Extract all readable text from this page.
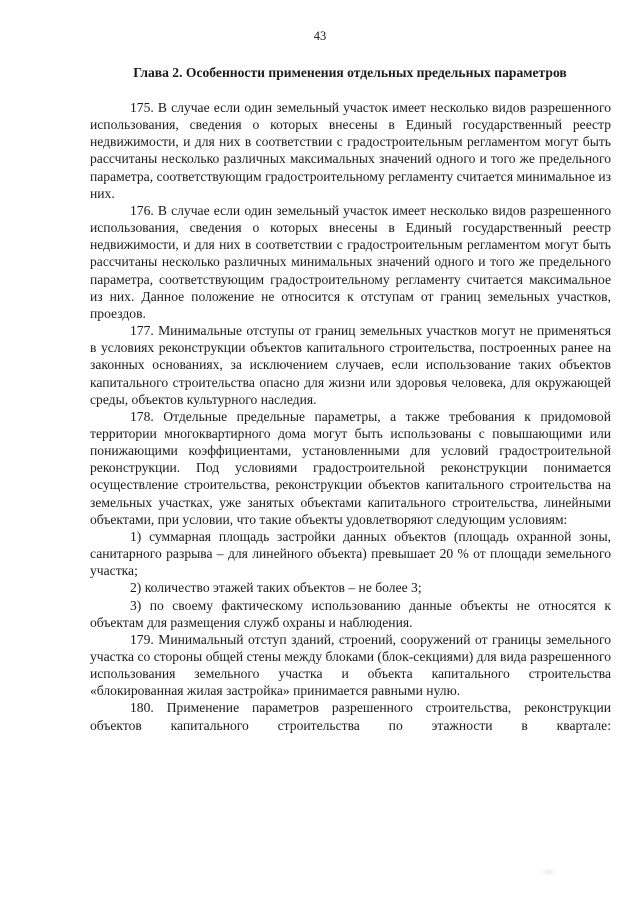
43
Глава 2. Особенности применения отдельных предельных параметров

175. В случае если один земельный участок имеет несколько видов разрешенного использования, сведения о которых внесены в Единый государственный реестр недвижимости, и для них в соответствии с градостроительным регламентом могут быть рассчитаны несколько различных максимальных значений одного и того же предельного параметра, соответствующим градостроительному регламенту считается минимальное из них.

176. В случае если один земельный участок имеет несколько видов разрешенного использования, сведения о которых внесены в Единый государственный реестр недвижимости, и для них в соответствии с градостроительным регламентом могут быть рассчитаны несколько различных минимальных значений одного и того же предельного параметра, соответствующим градостроительному регламенту считается максимальное из них. Данное положение не относится к отступам от границ земельных участков, проездов.

177. Минимальные отступы от границ земельных участков могут не применяться в условиях реконструкции объектов капитального строительства, построенных ранее на законных основаниях, за исключением случаев, если использование таких объектов капитального строительства опасно для жизни или здоровья человека, для окружающей среды, объектов культурного наследия.

178. Отдельные предельные параметры, а также требования к придомовой территории многоквартирного дома могут быть использованы с повышающими или понижающими коэффициентами, установленными для условий градостроительной реконструкции. Под условиями градостроительной реконструкции понимается осуществление строительства, реконструкции объектов капитального строительства на земельных участках, уже занятых объектами капитального строительства, линейными объектами, при условии, что такие объекты удовлетворяют следующим условиям:

1) суммарная площадь застройки данных объектов (площадь охранной зоны, санитарного разрыва – для линейного объекта) превышает 20 % от площади земельного участка;

2) количество этажей таких объектов – не более 3;

3) по своему фактическому использованию данные объекты не относятся к объектам для размещения служб охраны и наблюдения.

179. Минимальный отступ зданий, строений, сооружений от границы земельного участка со стороны общей стены между блоками (блок-секциями) для вида разрешенного использования земельного участка и объекта капитального строительства «блокированная жилая застройка» принимается равными нулю.

180. Применение параметров разрешенного строительства, реконструкции объектов капитального строительства по этажности в квартале:
